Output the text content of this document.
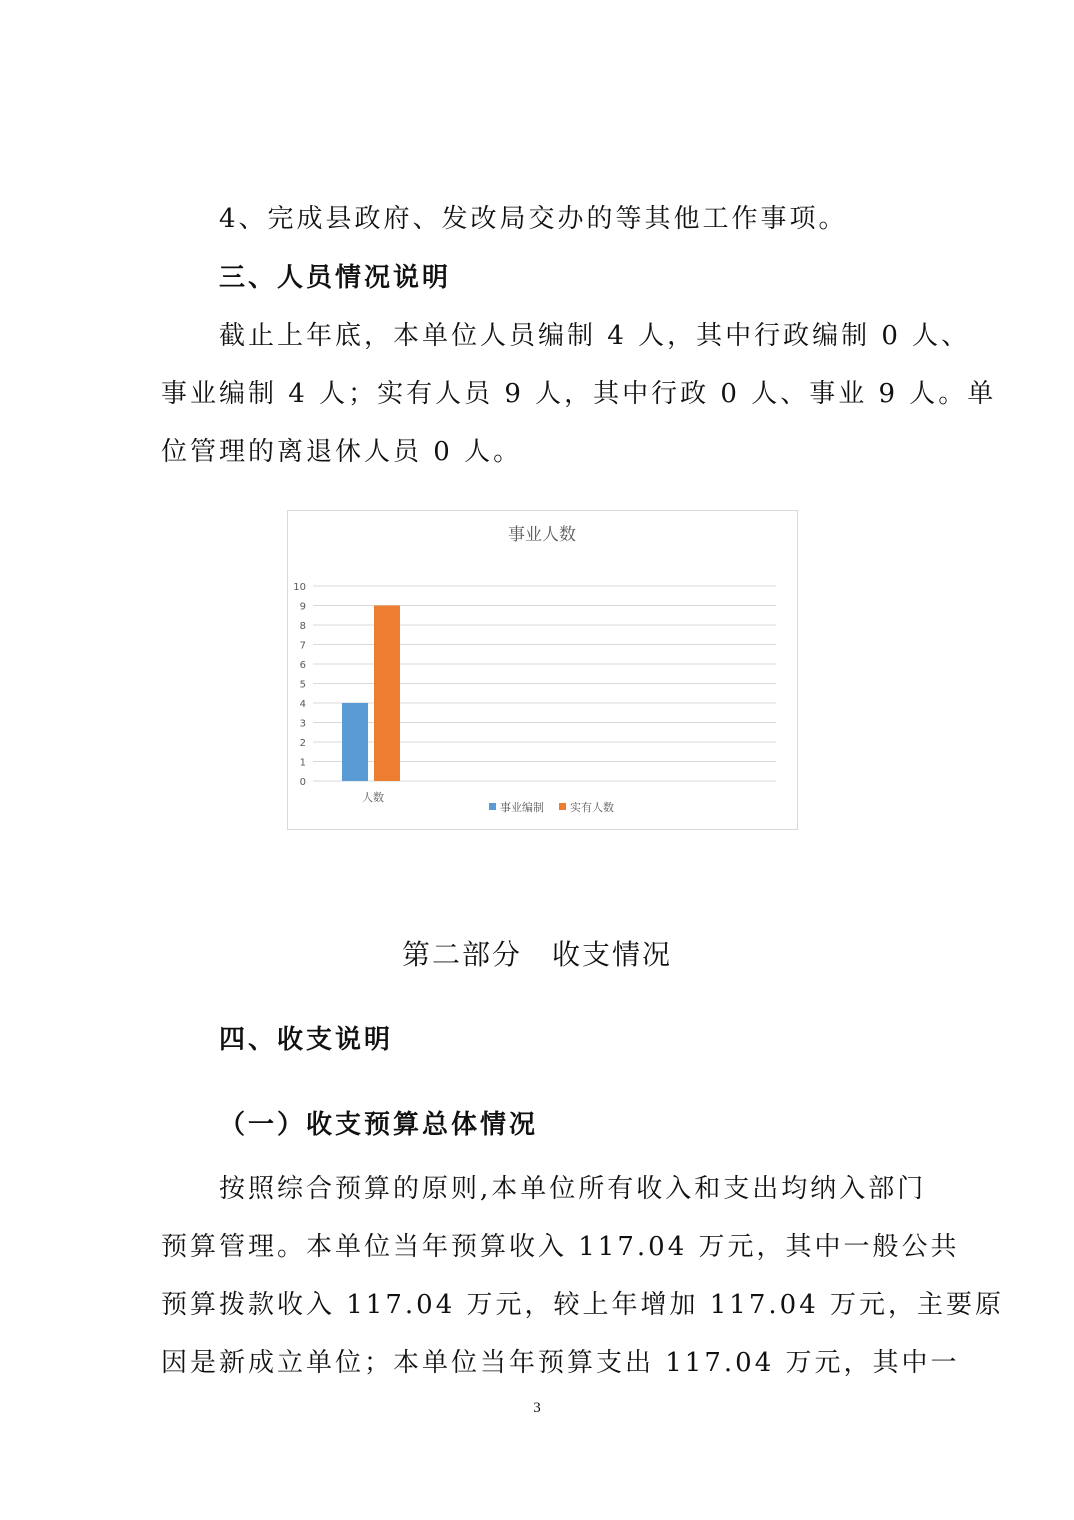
4、完成县政府、发改局交办的等其他工作事项。
三、人员情况说明
截止上年底，本单位人员编制 4 人，其中行政编制 0 人、
事业编制 4 人；实有人员 9 人，其中行政 0 人、事业 9 人。单
位管理的离退休人员 0 人。
事业人数
0
1
2
3
4
5
6
7
8
9
10
人数
事业编制 实有人数
第二部分　收支情况
四、收支说明
（一）收支预算总体情况
按照综合预算的原则,本单位所有收入和支出均纳入部门
预算管理。本单位当年预算收入 117.04 万元，其中一般公共
预算拨款收入 117.04 万元，较上年增加 117.04 万元，主要原
因是新成立单位；本单位当年预算支出 117.04 万元，其中一
3
